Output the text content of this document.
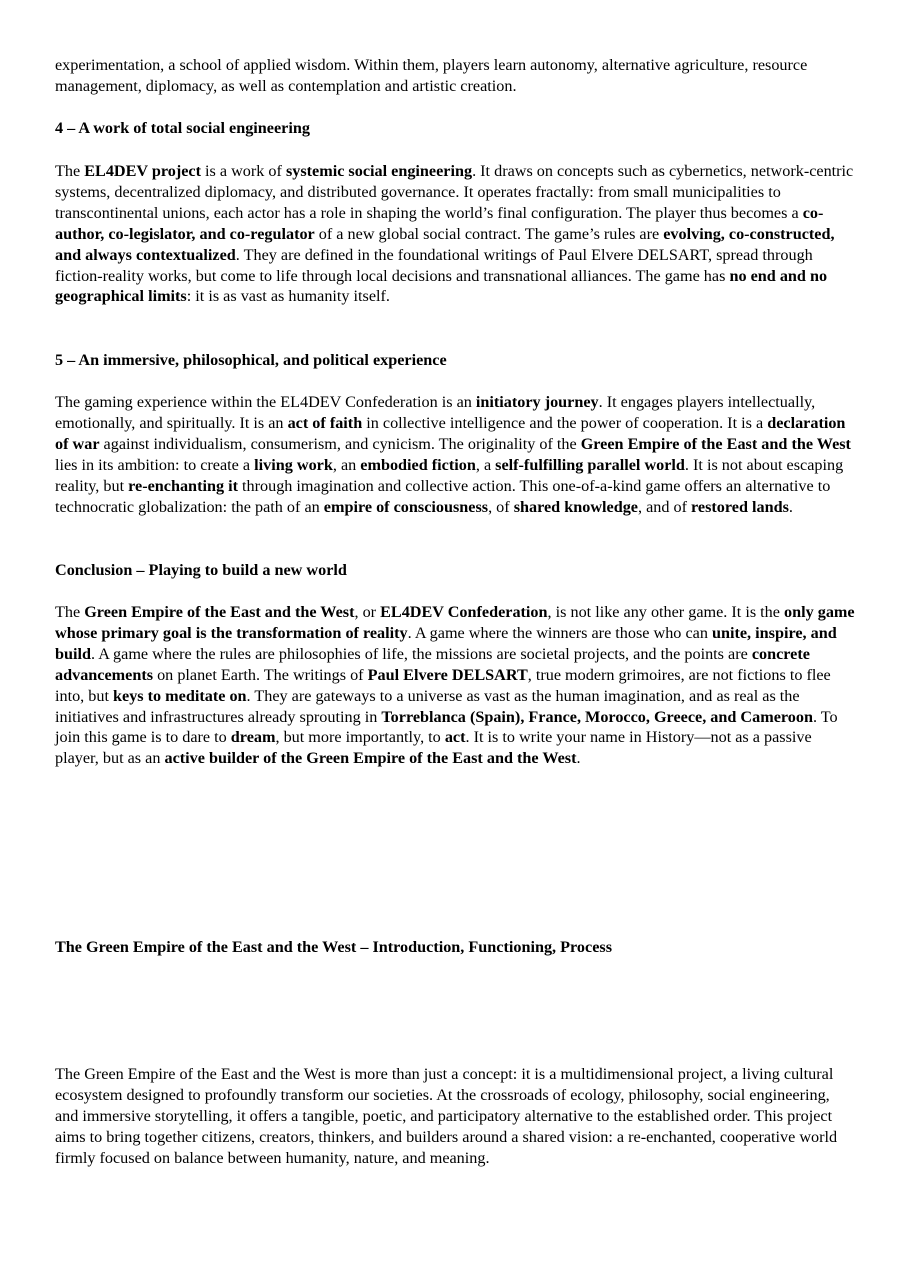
experimentation, a school of applied wisdom. Within them, players learn autonomy, alternative agriculture, resource management, diplomacy, as well as contemplation and artistic creation.

4 – A work of total social engineering

The EL4DEV project is a work of systemic social engineering. It draws on concepts such as cybernetics, network-centric systems, decentralized diplomacy, and distributed governance. It operates fractally: from small municipalities to transcontinental unions, each actor has a role in shaping the world’s final configuration. The player thus becomes a co-author, co-legislator, and co-regulator of a new global social contract. The game’s rules are evolving, co-constructed, and always contextualized. They are defined in the foundational writings of Paul Elvere DELSART, spread through fiction-reality works, but come to life through local decisions and transnational alliances. The game has no end and no geographical limits: it is as vast as humanity itself.

5 – An immersive, philosophical, and political experience

The gaming experience within the EL4DEV Confederation is an initiatory journey. It engages players intellectually, emotionally, and spiritually. It is an act of faith in collective intelligence and the power of cooperation. It is a declaration of war against individualism, consumerism, and cynicism. The originality of the Green Empire of the East and the West lies in its ambition: to create a living work, an embodied fiction, a self-fulfilling parallel world. It is not about escaping reality, but re-enchanting it through imagination and collective action. This one-of-a-kind game offers an alternative to technocratic globalization: the path of an empire of consciousness, of shared knowledge, and of restored lands.

Conclusion – Playing to build a new world

The Green Empire of the East and the West, or EL4DEV Confederation, is not like any other game. It is the only game whose primary goal is the transformation of reality. A game where the winners are those who can unite, inspire, and build. A game where the rules are philosophies of life, the missions are societal projects, and the points are concrete advancements on planet Earth. The writings of Paul Elvere DELSART, true modern grimoires, are not fictions to flee into, but keys to meditate on. They are gateways to a universe as vast as the human imagination, and as real as the initiatives and infrastructures already sprouting in Torreblanca (Spain), France, Morocco, Greece, and Cameroon. To join this game is to dare to dream, but more importantly, to act. It is to write your name in History—not as a passive player, but as an active builder of the Green Empire of the East and the West.

The Green Empire of the East and the West – Introduction, Functioning, Process

The Green Empire of the East and the West is more than just a concept: it is a multidimensional project, a living cultural ecosystem designed to profoundly transform our societies. At the crossroads of ecology, philosophy, social engineering, and immersive storytelling, it offers a tangible, poetic, and participatory alternative to the established order. This project aims to bring together citizens, creators, thinkers, and builders around a shared vision: a re-enchanted, cooperative world firmly focused on balance between humanity, nature, and meaning.
